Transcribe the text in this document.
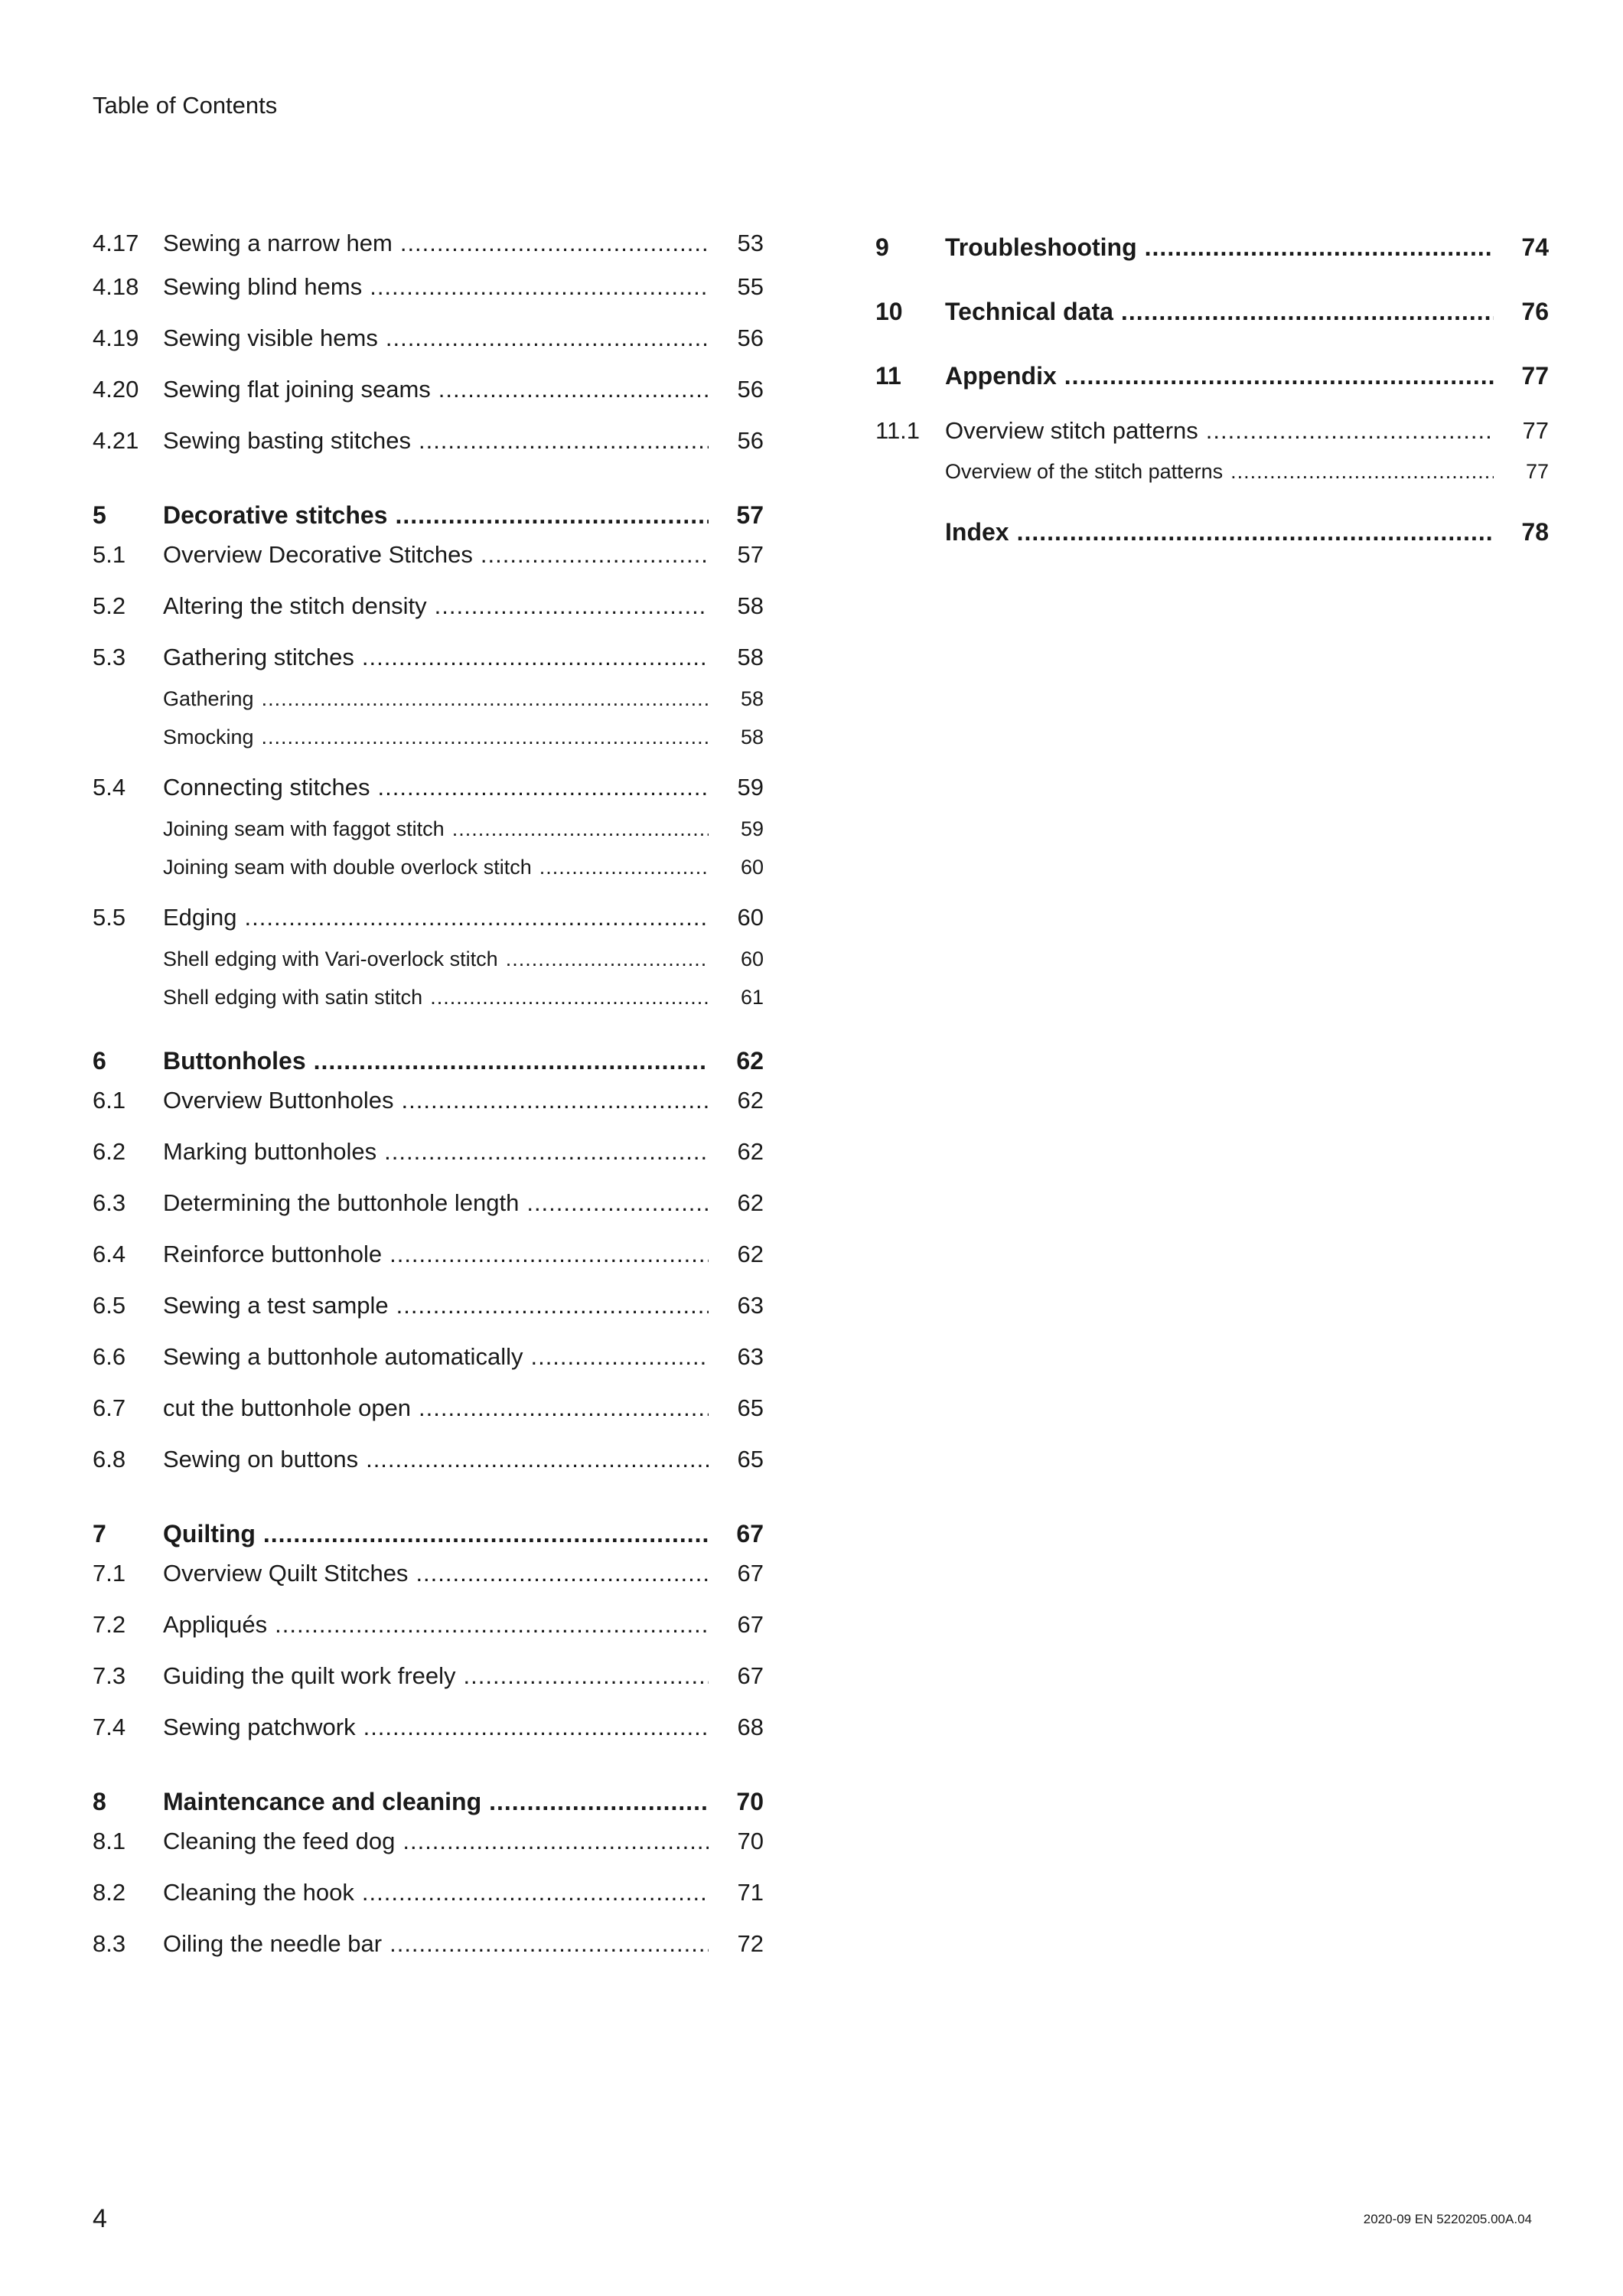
Table of Contents
4.17	Sewing a narrow hem .....	53
4.18	Sewing blind hems .....	55
4.19	Sewing visible hems .....	56
4.20	Sewing flat joining seams .....	56
4.21	Sewing basting stitches .....	56
5	Decorative stitches .....	57
5.1	Overview Decorative Stitches .....	57
5.2	Altering the stitch density .....	58
5.3	Gathering stitches .....	58
Gathering .....	58
Smocking .....	58
5.4	Connecting stitches .....	59
Joining seam with faggot stitch .....	59
Joining seam with double overlock stitch .....	60
5.5	Edging .....	60
Shell edging with Vari-overlock stitch .....	60
Shell edging with satin stitch .....	61
6	Buttonholes .....	62
6.1	Overview Buttonholes .....	62
6.2	Marking buttonholes .....	62
6.3	Determining the buttonhole length .....	62
6.4	Reinforce buttonhole .....	62
6.5	Sewing a test sample .....	63
6.6	Sewing a buttonhole automatically .....	63
6.7	cut the buttonhole open .....	65
6.8	Sewing on buttons .....	65
7	Quilting .....	67
7.1	Overview Quilt Stitches .....	67
7.2	Appliqués .....	67
7.3	Guiding the quilt work freely .....	67
7.4	Sewing patchwork .....	68
8	Maintencance and cleaning .....	70
8.1	Cleaning the feed dog .....	70
8.2	Cleaning the hook .....	71
8.3	Oiling the needle bar .....	72
9	Troubleshooting .....	74
10	Technical data .....	76
11	Appendix .....	77
11.1	Overview stitch patterns .....	77
Overview of the stitch patterns .....	77
Index .....	78
4	2020-09 EN 5220205.00A.04
